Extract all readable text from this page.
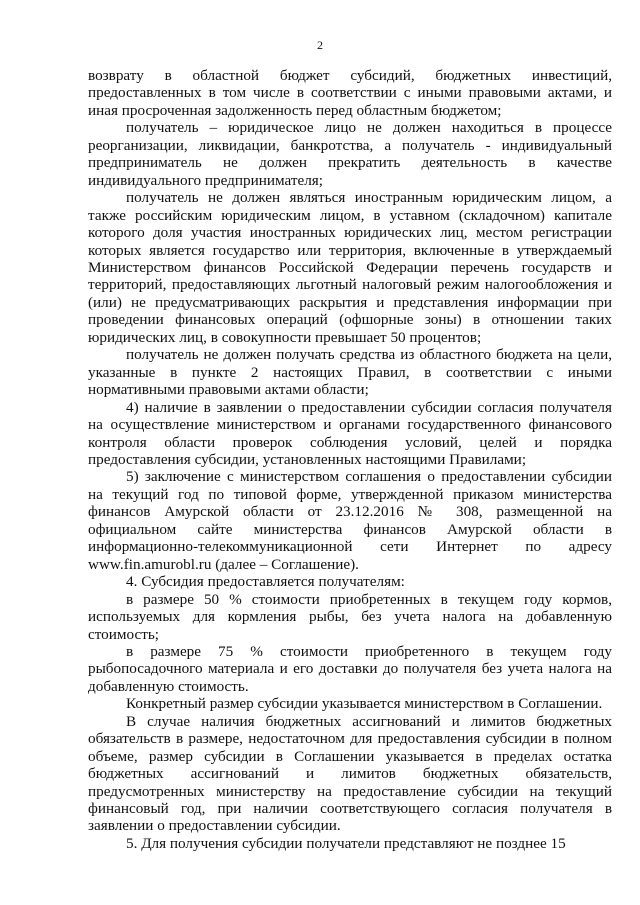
2

возврату в областной бюджет субсидий, бюджетных инвестиций, предоставленных в том числе в соответствии с иными правовыми актами, и иная просроченная задолженность перед областным бюджетом;

получатель – юридическое лицо не должен находиться в процессе реорганизации, ликвидации, банкротства, а получатель - индивидуальный предприниматель не должен прекратить деятельность в качестве индивидуального предпринимателя;

получатель не должен являться иностранным юридическим лицом, а также российским юридическим лицом, в уставном (складочном) капитале которого доля участия иностранных юридических лиц, местом регистрации которых является государство или территория, включенные в утверждаемый Министерством финансов Российской Федерации перечень государств и территорий, предоставляющих льготный налоговый режим налогообложения и (или) не предусматривающих раскрытия и представления информации при проведении финансовых операций (офшорные зоны) в отношении таких юридических лиц, в совокупности превышает 50 процентов;

получатель не должен получать средства из областного бюджета на цели, указанные в пункте 2 настоящих Правил, в соответствии с иными нормативными правовыми актами области;

4) наличие в заявлении о предоставлении субсидии согласия получателя на осуществление министерством и органами государственного финансового контроля области проверок соблюдения условий, целей и порядка предоставления субсидии, установленных настоящими Правилами;

5) заключение с министерством соглашения о предоставлении субсидии на текущий год по типовой форме, утвержденной приказом министерства финансов Амурской области от 23.12.2016 № 308, размещенной на официальном сайте министерства финансов Амурской области в информационно-телекоммуникационной сети Интернет по адресу www.fin.amurobl.ru (далее – Соглашение).

4. Субсидия предоставляется получателям:

в размере 50 % стоимости приобретенных в текущем году кормов, используемых для кормления рыбы, без учета налога на добавленную стоимость;

в размере 75 % стоимости приобретенного в текущем году рыбопосадочного материала и его доставки до получателя без учета налога на добавленную стоимость.

Конкретный размер субсидии указывается министерством в Соглашении.

В случае наличия бюджетных ассигнований и лимитов бюджетных обязательств в размере, недостаточном для предоставления субсидии в полном объеме, размер субсидии в Соглашении указывается в пределах остатка бюджетных ассигнований и лимитов бюджетных обязательств, предусмотренных министерству на предоставление субсидии на текущий финансовый год, при наличии соответствующего согласия получателя в заявлении о предоставлении субсидии.

5. Для получения субсидии получатели представляют не позднее 15
